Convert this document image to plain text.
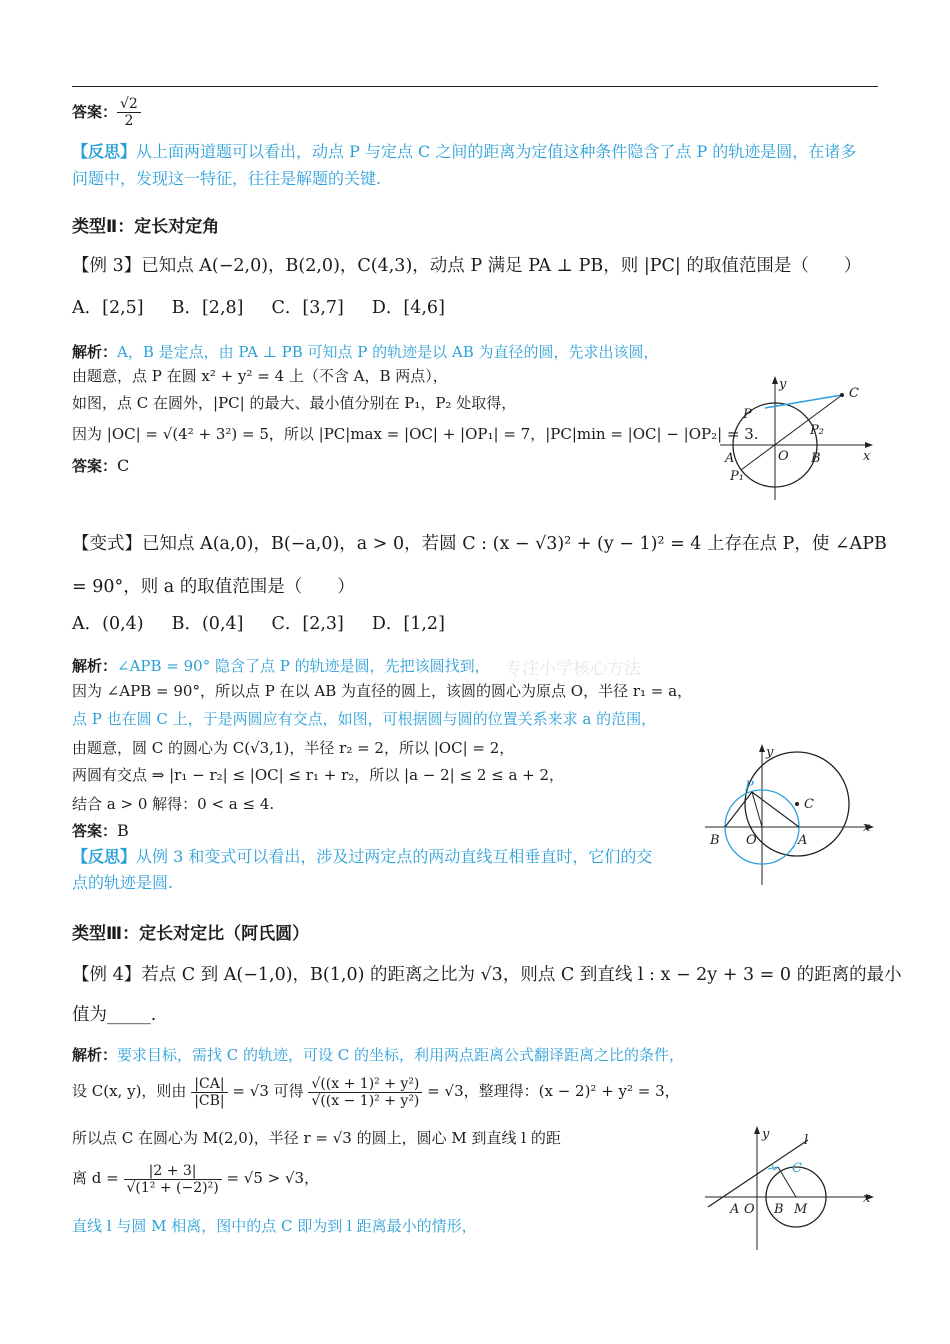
答案： $\frac{√2}{2}$
【反思】从上面两道题可以看出，动点 P 与定点 C 之间的距离为定值这种条件隐含了点 P 的轨迹是圆，在诸多
问题中，发现这一特征，往往是解题的关键.
类型Ⅱ：定长对定角
【例 3】已知点 A(−2,0)，B(2,0)，C(4,3)，动点 P 满足 PA ⊥ PB，则 |PC| 的取值范围是（　　）
A．[2,5] B．[2,8] C．[3,7] D．[4,6]
解析：A，B 是定点，由 PA ⊥ PB 可知点 P 的轨迹是以 AB 为直径的圆，先求出该圆，
由题意，点 P 在圆 x² + y² = 4 上（不含 A，B 两点），
如图，点 C 在圆外，|PC| 的最大、最小值分别在 P₁，P₂ 处取得，
因为 |OC| = √(4² + 3²) = 5，所以 |PC|max = |OC| + |OP₁| = 7，|PC|min = |OC| − |OP₂| = 3.
答案：C
C
y
x
P
P₂
A	O B
P₁
【变式】已知点 A(a,0)，B(−a,0)，a > 0，若圆 C : (x − √3)² + (y − 1)² = 4 上存在点 P，使 ∠APB
= 90°，则 a 的取值范围是（　　）
A．(0,4) B．(0,4] C．[2,3] D．[1,2]
专注小学核心方法
解析：∠APB = 90° 隐含了点 P 的轨迹是圆，先把该圆找到，
因为 ∠APB = 90°，所以点 P 在以 AB 为直径的圆上，该圆的圆心为原点 O，半径 r₁ = a，
点 P 也在圆 C 上，于是两圆应有交点，如图，可根据圆与圆的位置关系来求 a 的范围，
由题意，圆 C 的圆心为 C(√3,1)，半径 r₂ = 2，所以 |OC| = 2，
两圆有交点 ⇒ |r₁ − r₂| ≤ |OC| ≤ r₁ + r₂，所以 |a − 2| ≤ 2 ≤ a + 2，
结合 a > 0 解得：0 < a ≤ 4.
答案：B
【反思】从例 3 和变式可以看出，涉及过两定点的两动直线互相垂直时，它们的交
点的轨迹是圆.
y
x
P
C
B O	A
类型Ⅲ：定长对定比（阿氏圆）
【例 4】若点 C 到 A(−1,0)，B(1,0) 的距离之比为 √3，则点 C 到直线 l : x − 2y + 3 = 0 的距离的最小
值为_____.
解析：要求目标，需找 C 的轨迹，可设 C 的坐标，利用两点距离公式翻译距离之比的条件，
设 C(x, y)，则由 $\frac{|CA|}{|CB|} = √3$ 可得 $\frac{\text{√((x + 1)² + y²)}}{\text{√((x − 1)² + y²)}} = √3$，整理得：(x − 2)² + y² = 3，
所以点 C 在圆心为 M(2,0)，半径 r = √3 的圆上，圆心 M 到直线 l 的距
离 $d = \frac{|2 + 3|}{\text{√(1² + (−2)²)}} = √5 > √3$，
直线 l 与圆 M 相离，图中的点 C 即为到 l 距离最小的情形，
y	l
C
x
A O B M
